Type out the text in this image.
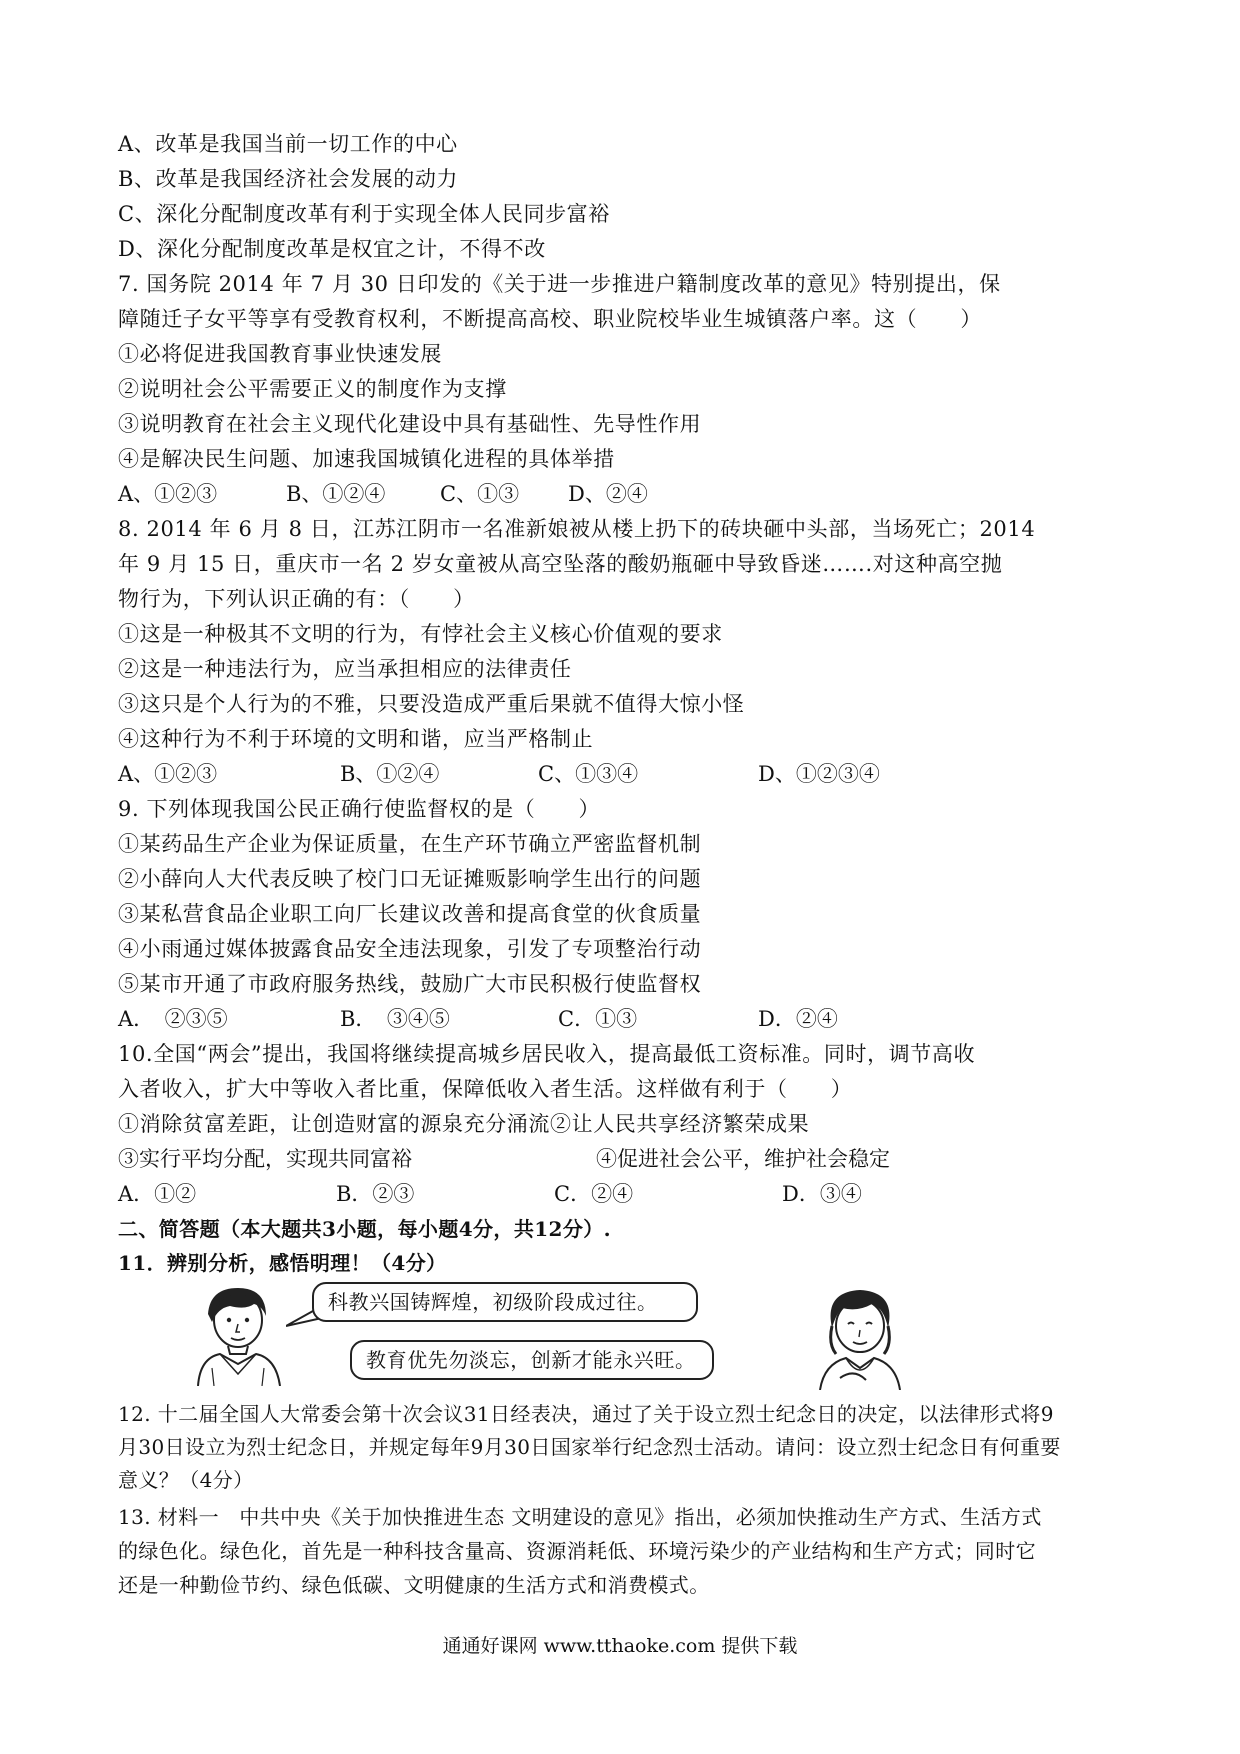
A、改革是我国当前一切工作的中心
B、改革是我国经济社会发展的动力
C、深化分配制度改革有利于实现全体人民同步富裕
D、深化分配制度改革是权宜之计，不得不改
7. 国务院 2014 年 7 月 30 日印发的《关于进一步推进户籍制度改革的意见》特别提出，保
障随迁子女平等享有受教育权利，不断提高高校、职业院校毕业生城镇落户率。这（　　）
①必将促进我国教育事业快速发展
②说明社会公平需要正义的制度作为支撑
③说明教育在社会主义现代化建设中具有基础性、先导性作用
④是解决民生问题、加速我国城镇化进程的具体举措
A、①②③	B、①②④	C、①③ D、②④
8. 2014 年 6 月 8 日，江苏江阴市一名准新娘被从楼上扔下的砖块砸中头部，当场死亡；2014
年 9 月 15 日，重庆市一名 2 岁女童被从高空坠落的酸奶瓶砸中导致昏迷…….对这种高空抛
物行为，下列认识正确的有：（　　）
①这是一种极其不文明的行为，有悖社会主义核心价值观的要求
②这是一种违法行为，应当承担相应的法律责任
③这只是个人行为的不雅，只要没造成严重后果就不值得大惊小怪
④这种行为不利于环境的文明和谐，应当严格制止
A、①②③	B、①②④	C、①③④	D、①②③④
9. 下列体现我国公民正确行使监督权的是（　　）
①某药品生产企业为保证质量，在生产环节确立严密监督机制
②小薛向人大代表反映了校门口无证摊贩影响学生出行的问题
③某私营食品企业职工向厂长建议改善和提高食堂的伙食质量
④小雨通过媒体披露食品安全违法现象，引发了专项整治行动
⑤某市开通了市政府服务热线，鼓励广大市民积极行使监督权
A．　②③⑤	B．　③④⑤	C．①③	D．②④
10.全国“两会”提出，我国将继续提高城乡居民收入，提高最低工资标准。同时，调节高收
入者收入，扩大中等收入者比重，保障低收入者生活。这样做有利于（　　）
①消除贫富差距，让创造财富的源泉充分涌流②让人民共享经济繁荣成果
③实行平均分配，实现共同富裕	④促进社会公平，维护社会稳定
A．①②	B．②③	C．②④	D．③④
二、简答题（本大题共3小题，每小题4分，共12分）.
11．辨别分析，感悟明理！（4分）
科教兴国铸辉煌，初级阶段成过往。
教育优先勿淡忘，创新才能永兴旺。
12. 十二届全国人大常委会第十次会议31日经表决，通过了关于设立烈士纪念日的决定，以法律形式将9
月30日设立为烈士纪念日，并规定每年9月30日国家举行纪念烈士活动。请问：设立烈士纪念日有何重要
意义？（4分）
13. 材料一　中共中央《关于加快推进生态 文明建设的意见》指出，必须加快推动生产方式、生活方式
的绿色化。绿色化，首先是一种科技含量高、资源消耗低、环境污染少的产业结构和生产方式；同时它
还是一种勤俭节约、绿色低碳、文明健康的生活方式和消费模式。
通通好课网 www.tthaoke.com 提供下载
